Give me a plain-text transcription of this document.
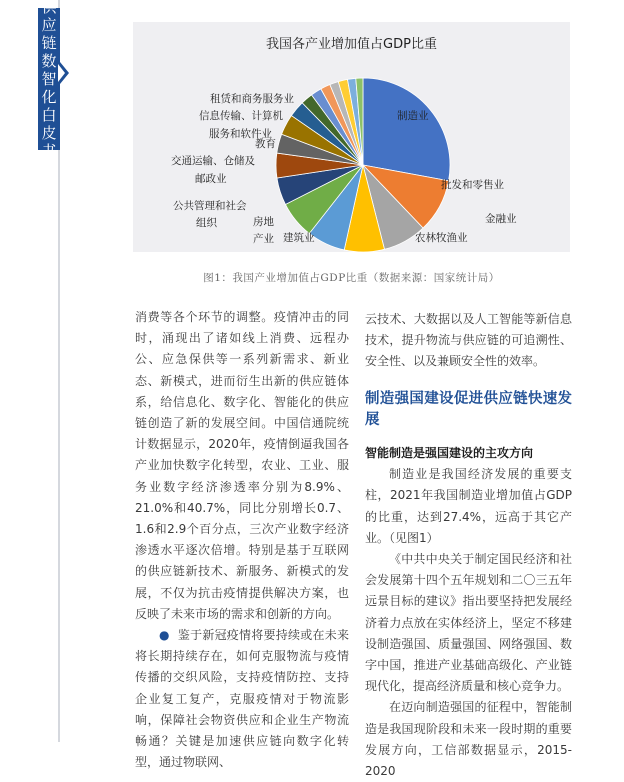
供
应
链
数
智
化
白
皮
书
我国各产业增加值占GDP比重
制造业
批发和零售业
金融业
农林牧渔业
建筑业
房地
产业
公共管理和社会
组织
交通运输、仓储及
邮政业
教育
信息传输、计算机
服务和软件业
租赁和商务服务业
图1：我国产业增加值占GDP比重（数据来源：国家统计局）

消费等各个环节的调整。疫情冲击的同时，涌现出了诸如线上消费、远程办公、应急保供等一系列新需求、新业态、新模式，进而衍生出新的供应链体系，给信息化、数字化、智能化的供应链创造了新的发展空间。中国信通院统计数据显示，2020年，疫情倒逼我国各产业加快数字化转型，农业、工业、服务业数字经济渗透率分别为8.9%、21.0%和40.7%，同比分别增长0.7、1.6和2.9个百分点，三次产业数字经济渗透水平逐次倍增。特别是基于互联网的供应链新技术、新服务、新模式的发展，不仅为抗击疫情提供解决方案，也反映了未来市场的需求和创新的方向。

● 鉴于新冠疫情将要持续或在未来将长期持续存在，如何克服物流与疫情传播的交织风险，支持疫情防控、支持企业复工复产，克服疫情对于物流影响，保障社会物资供应和企业生产物流畅通？关键是加速供应链向数字化转型，通过物联网、

云技术、大数据以及人工智能等新信息技术，提升物流与供应链的可追溯性、安全性、以及兼顾安全性的效率。

制造强国建设促进供应链快速发展

智能制造是强国建设的主攻方向

制造业是我国经济发展的重要支柱，2021年我国制造业增加值占GDP的比重，达到27.4%，远高于其它产业。（见图1）

《中共中央关于制定国民经济和社会发展第十四个五年规划和二〇三五年远景目标的建议》指出要坚持把发展经济着力点放在实体经济上，坚定不移建设制造强国、质量强国、网络强国、数字中国，推进产业基础高级化、产业链现代化，提高经济质量和核心竞争力。

在迈向制造强国的征程中，智能制造是我国现阶段和未来一段时期的重要发展方向，工信部数据显示，2015-2020
